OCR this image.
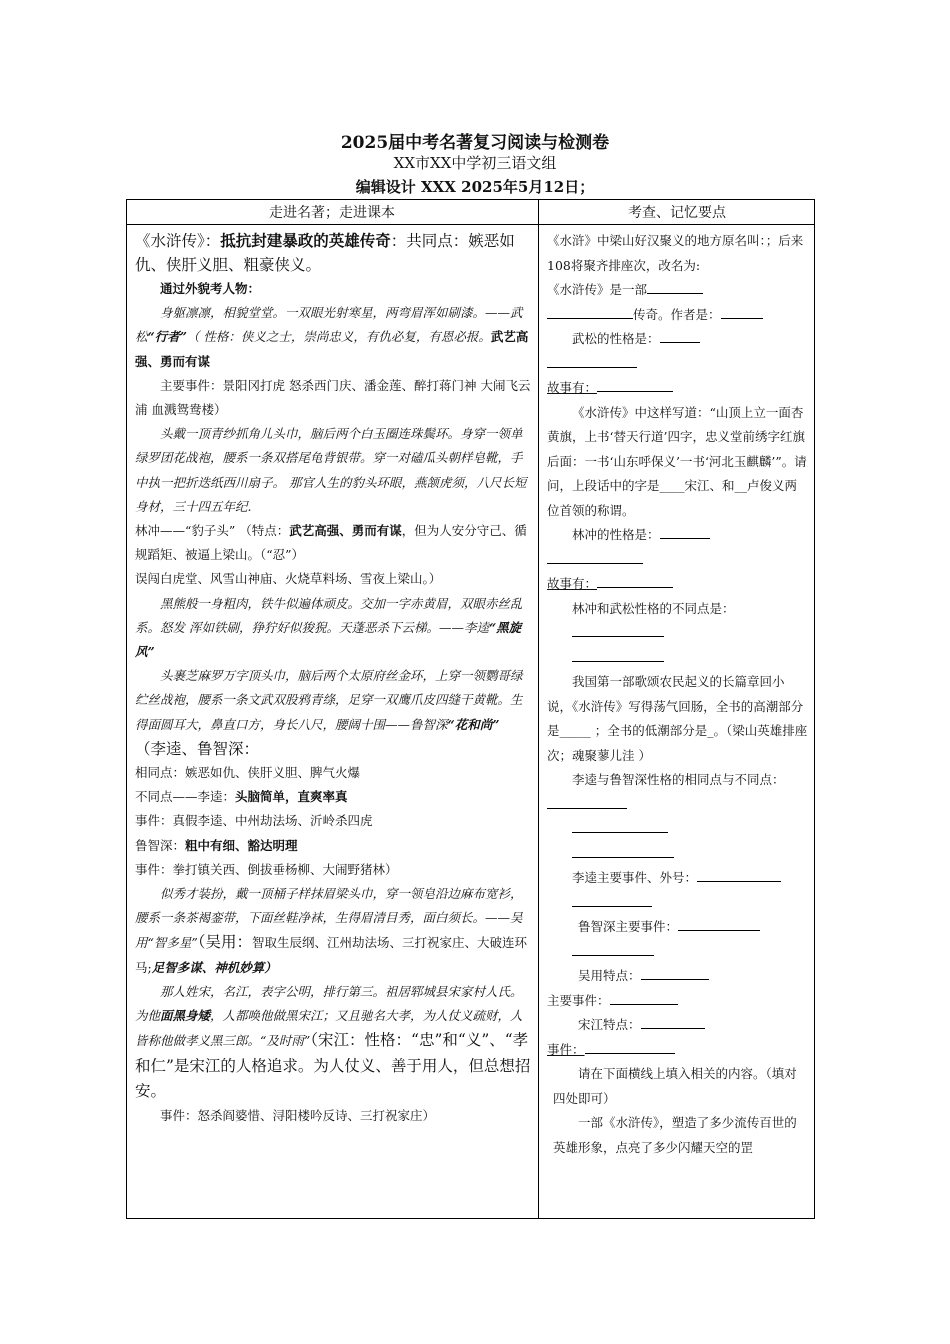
2025届中考名著复习阅读与检测卷
XX市XX中学初三语文组
编辑设计 XXX 2025年5月12日；
走进名著；走进课本	考查、记忆要点

《水浒传》：抵抗封建暴政的英雄传奇：共同点：嫉恶如仇、侠肝义胆、粗豪侠义。

通过外貌考人物：

身躯凛凛，相貌堂堂。一双眼光射寒星，两弯眉浑如刷漆。——武松“行者”（ 性格：侠义之士，崇尚忠义，有仇必复，有恩必报。武艺高强、勇而有谋

主要事件：景阳冈打虎 怒杀西门庆、潘金莲、醉打蒋门神 大闹飞云浦 血溅鸳鸯楼）

头戴一顶青纱抓角儿头巾，脑后两个白玉圈连珠鬓环。身穿一领单绿罗团花战袍，腰系一条双搭尾龟背银带。穿一对磕瓜头朝样皂靴，手中执一把折迭纸西川扇子。 那官人生的豹头环眼，燕颔虎须，八尺长短身材，三十四五年纪.

林冲——“豹子头” （特点：武艺高强、勇而有谋，但为人安分守己、循规蹈矩、被逼上梁山。（“忍”）

误闯白虎堂、风雪山神庙、火烧草料场、雪夜上梁山。）

黑熊般一身粗肉，铁牛似遍体顽皮。交加一字赤黄眉，双眼赤丝乱系。怒发 浑如铁刷，狰狞好似狻猊。天蓬恶杀下云梯。——李逵“黑旋风”

头裹芝麻罗万字顶头巾，脑后两个太原府丝金环，上穿一领鹦哥绿纻丝战袍，腰系一条文武双股鸦青绦，足穿一双鹰爪皮四缝干黄靴。生得面圆耳大，鼻直口方，身长八尺，腰阔十围——鲁智深“花和尚”

（李逵、鲁智深：

相同点：嫉恶如仇、侠肝义胆、脾气火爆

不同点——李逵：头脑简单，直爽率真

事件：真假李逵、中州劫法场、沂岭杀四虎

鲁智深：粗中有细、豁达明理

事件：拳打镇关西、倒拔垂杨柳、大闹野猪林）

似秀才装扮，戴一顶桶子样抹眉梁头巾，穿一领皂沿边麻布宽衫，腰系一条茶褐銮带，下面丝鞋净袜，生得眉清目秀，面白须长。——吴用“智多星”（吴用：智取生辰纲、江州劫法场、三打祝家庄、大破连环马;足智多谋、神机妙算）

那人姓宋，名江，表字公明，排行第三。祖居郓城县宋家村人氏。为他面黑身矮，人都唤他做黑宋江；又且驰名大孝，为人仗义疏财，人皆称他做孝义黑三郎。“及时雨”（宋江：性格：“忠”和“义”、“孝和仁”是宋江的人格追求。为人仗义、善于用人，但总想招安。

事件：怒杀阎婆惜、浔阳楼吟反诗、三打祝家庄）

《水浒》中梁山好汉聚义的地方原名叫：；后来108将聚齐排座次，改名为:

《水浒传》是一部
传奇。作者是：

武松的性格是：

故事有：

《水浒传》中这样写道：“山顶上立一面杏黄旗，上书‘替天行道’四字，忠义堂前绣字红旗后面：一书‘山东呼保义’一书‘河北玉麒麟’”。请问，上段话中的字是____宋江、和__卢俊义两位首领的称谓。

林冲的性格是：

故事有：

林冲和武松性格的不同点是：

我国第一部歌颂农民起义的长篇章回小说，《水浒传》写得荡气回肠，全书的高潮部分是_____ ；全书的低潮部分是_。（梁山英雄排座次；魂聚蓼儿洼 ）

李逵与鲁智深性格的相同点与不同点：

李逵主要事件、外号：

鲁智深主要事件：

吴用特点：

主要事件：

宋江特点：

事件：

请在下面横线上填入相关的内容。（填对四处即可）

一部《水浒传》，塑造了多少流传百世的英雄形象，点亮了多少闪耀天空的罡
